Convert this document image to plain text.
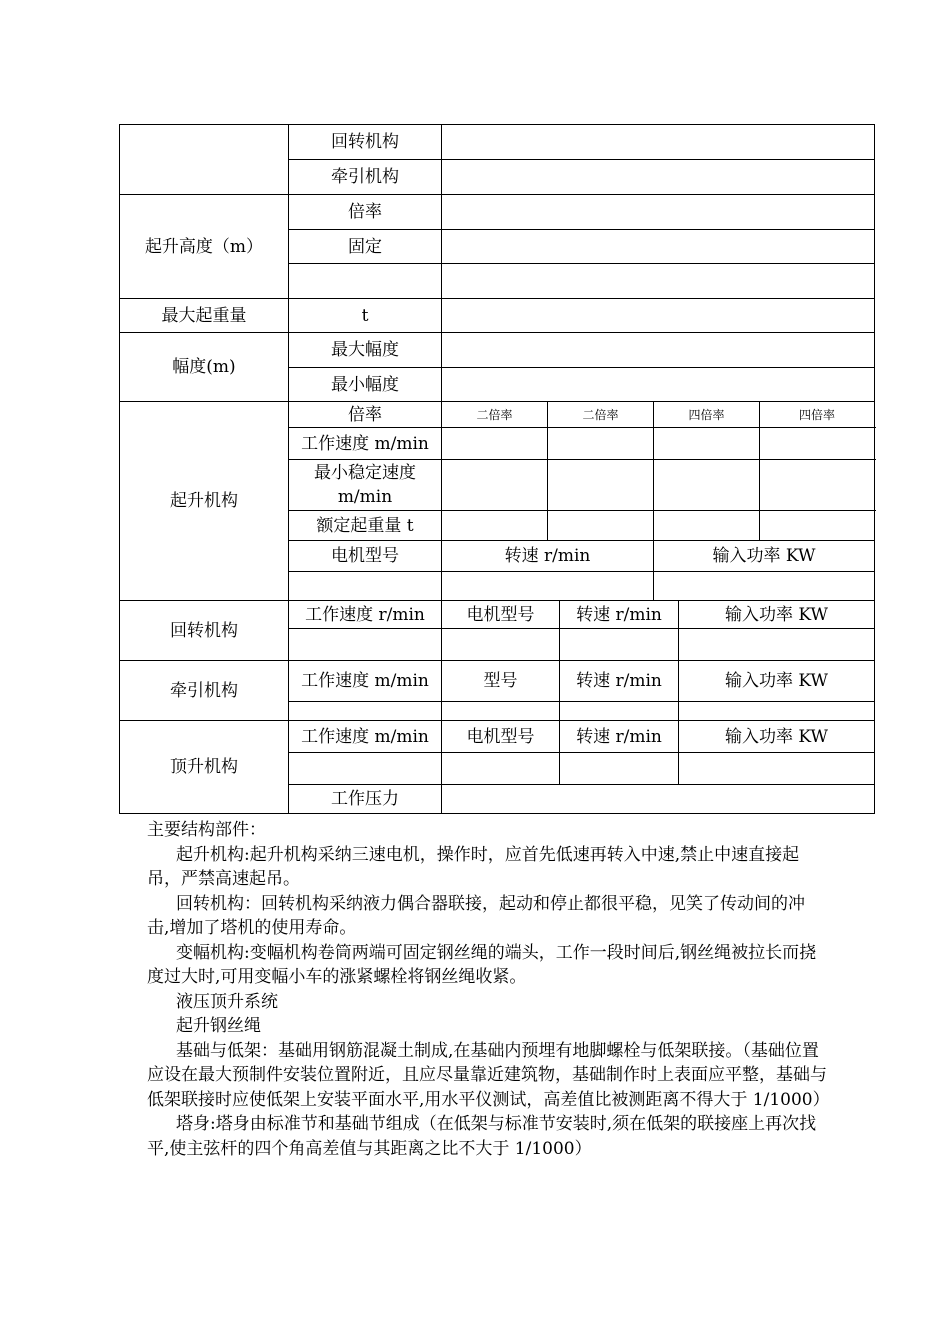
	回转机构						
	牵引机构						
起升高度（m）	倍率						
	固定						

最大起重量	t						
幅度(m)	最大幅度						
	最小幅度						
起升机构	倍率	二倍率	二倍率		四倍率		四倍率
	工作速度 m/min						
	最小稳定速度 m/min						
	额定起重量 t						
	电机型号	转速 r/min			输入功率 KW		

回转机构	工作速度 r/min	电机型号		转速 r/min		输入功率 KW	

牵引机构	工作速度 m/min	型号		转速 r/min		输入功率 KW	

顶升机构	工作速度 m/min	电机型号		转速 r/min		输入功率 KW	

	工作压力						

主要结构部件：

起升机构:起升机构采纳三速电机，操作时，应首先低速再转入中速,禁止中速直接起吊，严禁高速起吊。

回转机构：回转机构采纳液力偶合器联接，起动和停止都很平稳，见笑了传动间的冲击,增加了塔机的使用寿命。

变幅机构:变幅机构卷筒两端可固定钢丝绳的端头，工作一段时间后,钢丝绳被拉长而挠度过大时,可用变幅小车的涨紧螺栓将钢丝绳收紧。

液压顶升系统

起升钢丝绳

基础与低架：基础用钢筋混凝土制成,在基础内预埋有地脚螺栓与低架联接。（基础位置应设在最大预制件安装位置附近，且应尽量靠近建筑物，基础制作时上表面应平整，基础与低架联接时应使低架上安装平面水平,用水平仪测试，高差值比被测距离不得大于 1/1000）

塔身:塔身由标准节和基础节组成（在低架与标准节安装时,须在低架的联接座上再次找平,使主弦杆的四个角高差值与其距离之比不大于 1/1000）
